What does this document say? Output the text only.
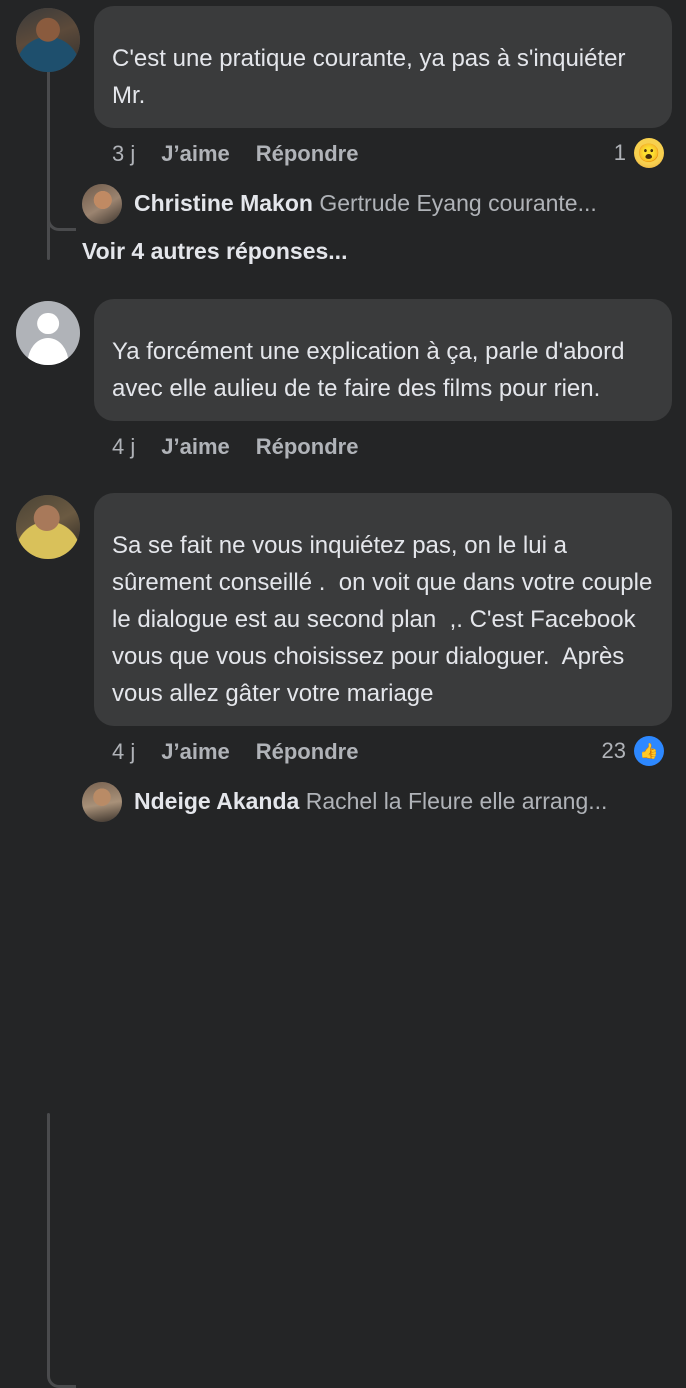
C'est une pratique courante, ya pas à s'inquiéter Mr.
3 j J’aime Répondre	1 😮
Christine Makon Gertrude Eyang courante...
Voir 4 autres réponses...

Ya forcément une explication à ça, parle d'abord avec elle aulieu de te faire des films pour rien.
4 j J’aime Répondre

Sa se fait ne vous inquiétez pas, on le lui a sûrement conseillé .  on voit que dans votre couple le dialogue est au second plan  ,. C'est Facebook vous que vous choisissez pour dialoguer.  Après vous allez gâter votre mariage
4 j J’aime Répondre	23 👍
Ndeige Akanda Rachel la Fleure elle arrang...
